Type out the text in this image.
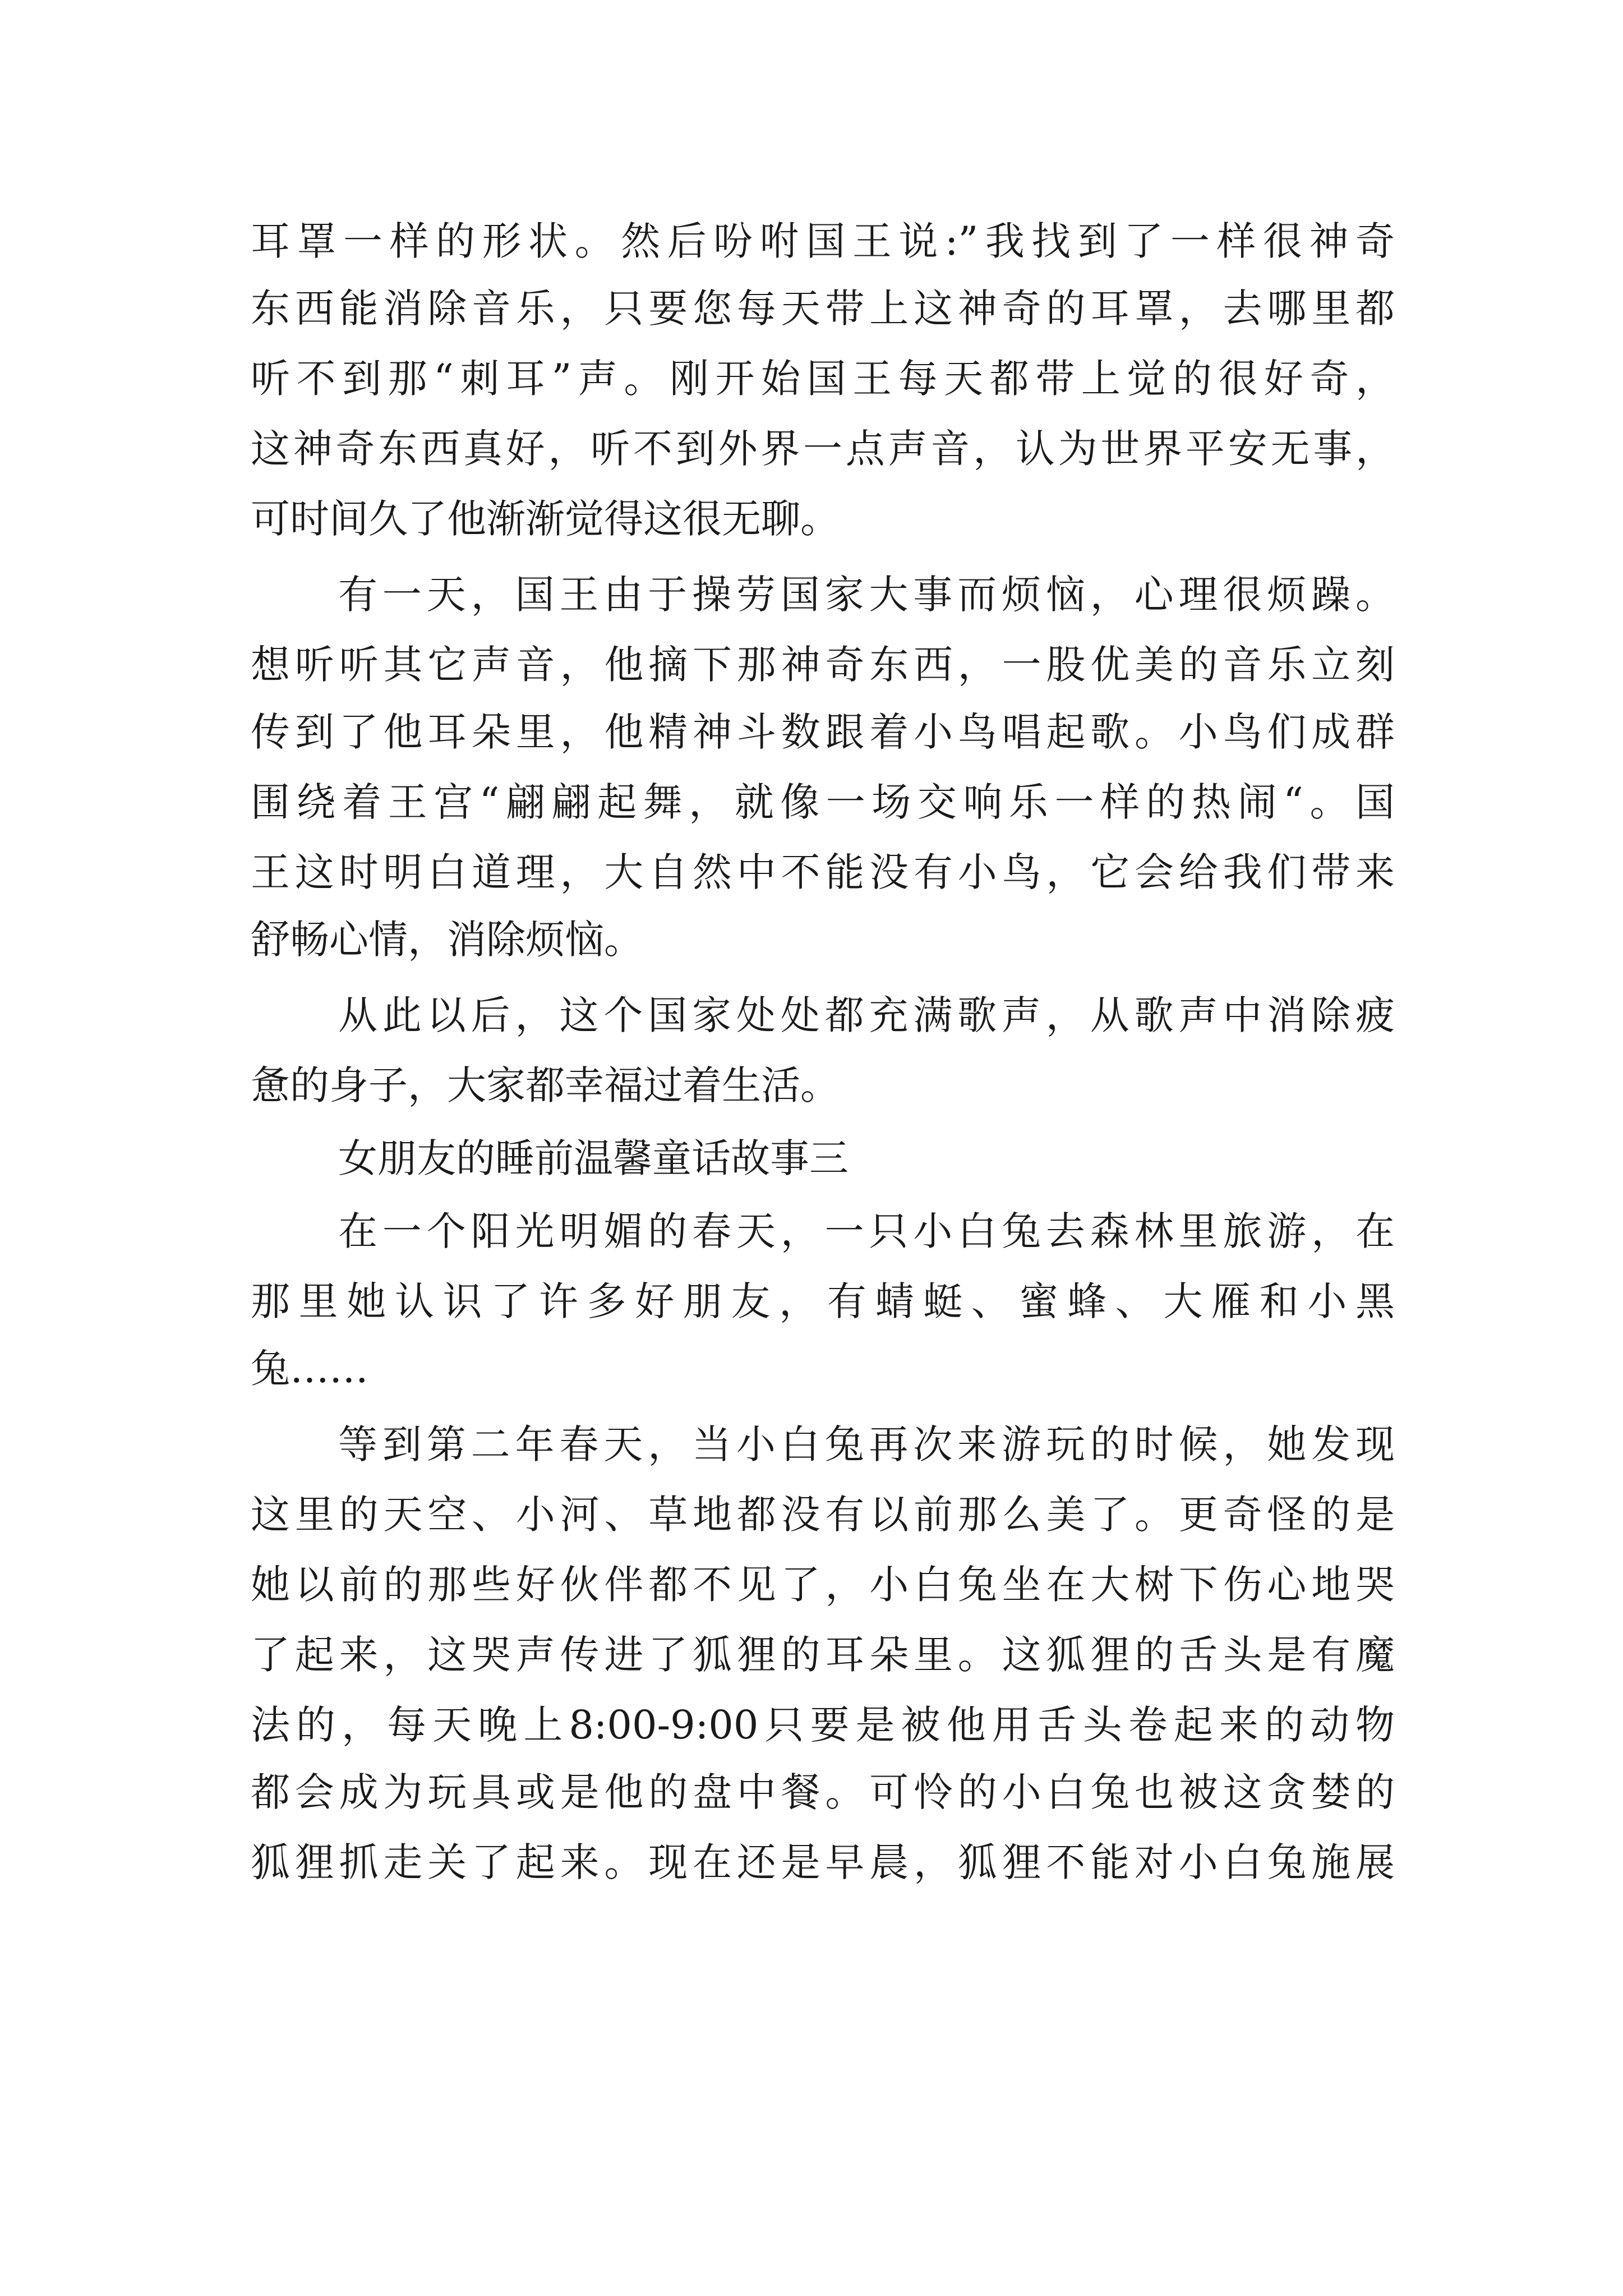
耳罩一样的形状。然后吩咐国王说:”我找到了一样很神奇
东西能消除音乐，只要您每天带上这神奇的耳罩，去哪里都
听不到那“刺耳”声。刚开始国王每天都带上觉的很好奇，
这神奇东西真好，听不到外界一点声音，认为世界平安无事，
可时间久了他渐渐觉得这很无聊。
有一天，国王由于操劳国家大事而烦恼，心理很烦躁。
想听听其它声音，他摘下那神奇东西，一股优美的音乐立刻
传到了他耳朵里，他精神斗数跟着小鸟唱起歌。小鸟们成群
围绕着王宫“翩翩起舞，就像一场交响乐一样的热闹“。国
王这时明白道理，大自然中不能没有小鸟，它会给我们带来
舒畅心情，消除烦恼。
从此以后，这个国家处处都充满歌声，从歌声中消除疲
惫的身子，大家都幸福过着生活。
女朋友的睡前温馨童话故事三
在一个阳光明媚的春天，一只小白兔去森林里旅游，在
那里她认识了许多好朋友，有蜻蜓、蜜蜂、大雁和小黑
兔……
等到第二年春天，当小白兔再次来游玩的时候，她发现
这里的天空、小河、草地都没有以前那么美了。更奇怪的是
她以前的那些好伙伴都不见了，小白兔坐在大树下伤心地哭
了起来，这哭声传进了狐狸的耳朵里。这狐狸的舌头是有魔
法的，每天晚上8:00-9:00只要是被他用舌头卷起来的动物
都会成为玩具或是他的盘中餐。可怜的小白兔也被这贪婪的
狐狸抓走关了起来。现在还是早晨，狐狸不能对小白兔施展
